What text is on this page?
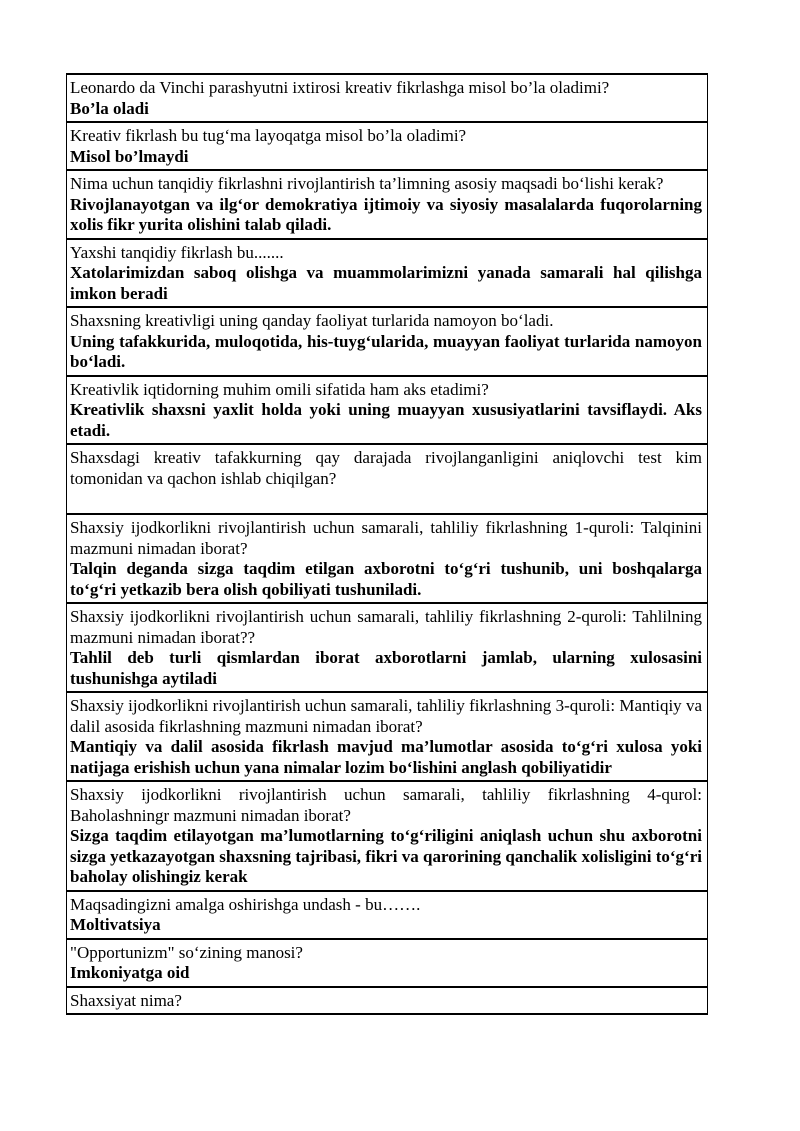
Leonardo da Vinchi parashyutni ixtirosi kreativ fikrlashga misol bo’la oladimi?
Bo’la oladi
Kreativ fikrlash bu tug‘ma layoqatga misol bo’la oladimi?
Misol bo’lmaydi
Nima uchun tanqidiy fikrlashni rivojlantirish ta’limning asosiy maqsadi bo‘lishi kerak?
Rivojlanayotgan va ilg‘or demokratiya ijtimoiy va siyosiy masalalarda fuqorolarning xolis fikr yurita olishini talab qiladi.
Yaxshi tanqidiy fikrlash bu.......
Xatolarimizdan saboq olishga va muammolarimizni yanada samarali hal qilishga imkon beradi
Shaxsning kreativligi uning qanday faoliyat turlarida namoyon bo‘ladi.
Uning tafakkurida, muloqotida, his-tuyg‘ularida, muayyan faoliyat turlarida namoyon bo‘ladi.
Kreativlik iqtidorning muhim omili sifatida ham aks etadimi?
Kreativlik shaxsni yaxlit holda yoki uning muayyan xususiyatlarini tavsiflaydi. Aks etadi.
Shaxsdagi kreativ tafakkurning qay darajada rivojlanganligini aniqlovchi test kim tomonidan va qachon ishlab chiqilgan?
Shaxsiy ijodkorlikni rivojlantirish uchun samarali, tahliliy fikrlashning 1-quroli: Talqinini mazmuni nimadan iborat?
Talqin deganda sizga taqdim etilgan axborotni to‘g‘ri tushunib, uni boshqalarga to‘g‘ri yetkazib bera olish qobiliyati tushuniladi.
Shaxsiy ijodkorlikni rivojlantirish uchun samarali, tahliliy fikrlashning 2-quroli: Tahlilning mazmuni nimadan iborat??
Tahlil deb turli qismlardan iborat axborotlarni jamlab, ularning xulosasini tushunishga aytiladi
Shaxsiy ijodkorlikni rivojlantirish uchun samarali, tahliliy fikrlashning 3-quroli: Mantiqiy va dalil asosida fikrlashning mazmuni nimadan iborat?
Mantiqiy va dalil asosida fikrlash mavjud ma’lumotlar asosida to‘g‘ri xulosa yoki natijaga erishish uchun yana nimalar lozim bo‘lishini anglash qobiliyatidir
Shaxsiy ijodkorlikni rivojlantirish uchun samarali, tahliliy fikrlashning 4-qurol: Baholashningr mazmuni nimadan iborat?
Sizga taqdim etilayotgan ma’lumotlarning to‘g‘riligini aniqlash uchun shu axborotni sizga yetkazayotgan shaxsning tajribasi, fikri va qarorining qanchalik xolisligini to‘g‘ri baholay olishingiz kerak
Maqsadingizni amalga oshirishga undash - bu…….
Moltivatsiya
"Opportunizm" so‘zining manosi?
Imkoniyatga oid
Shaxsiyat nima?
